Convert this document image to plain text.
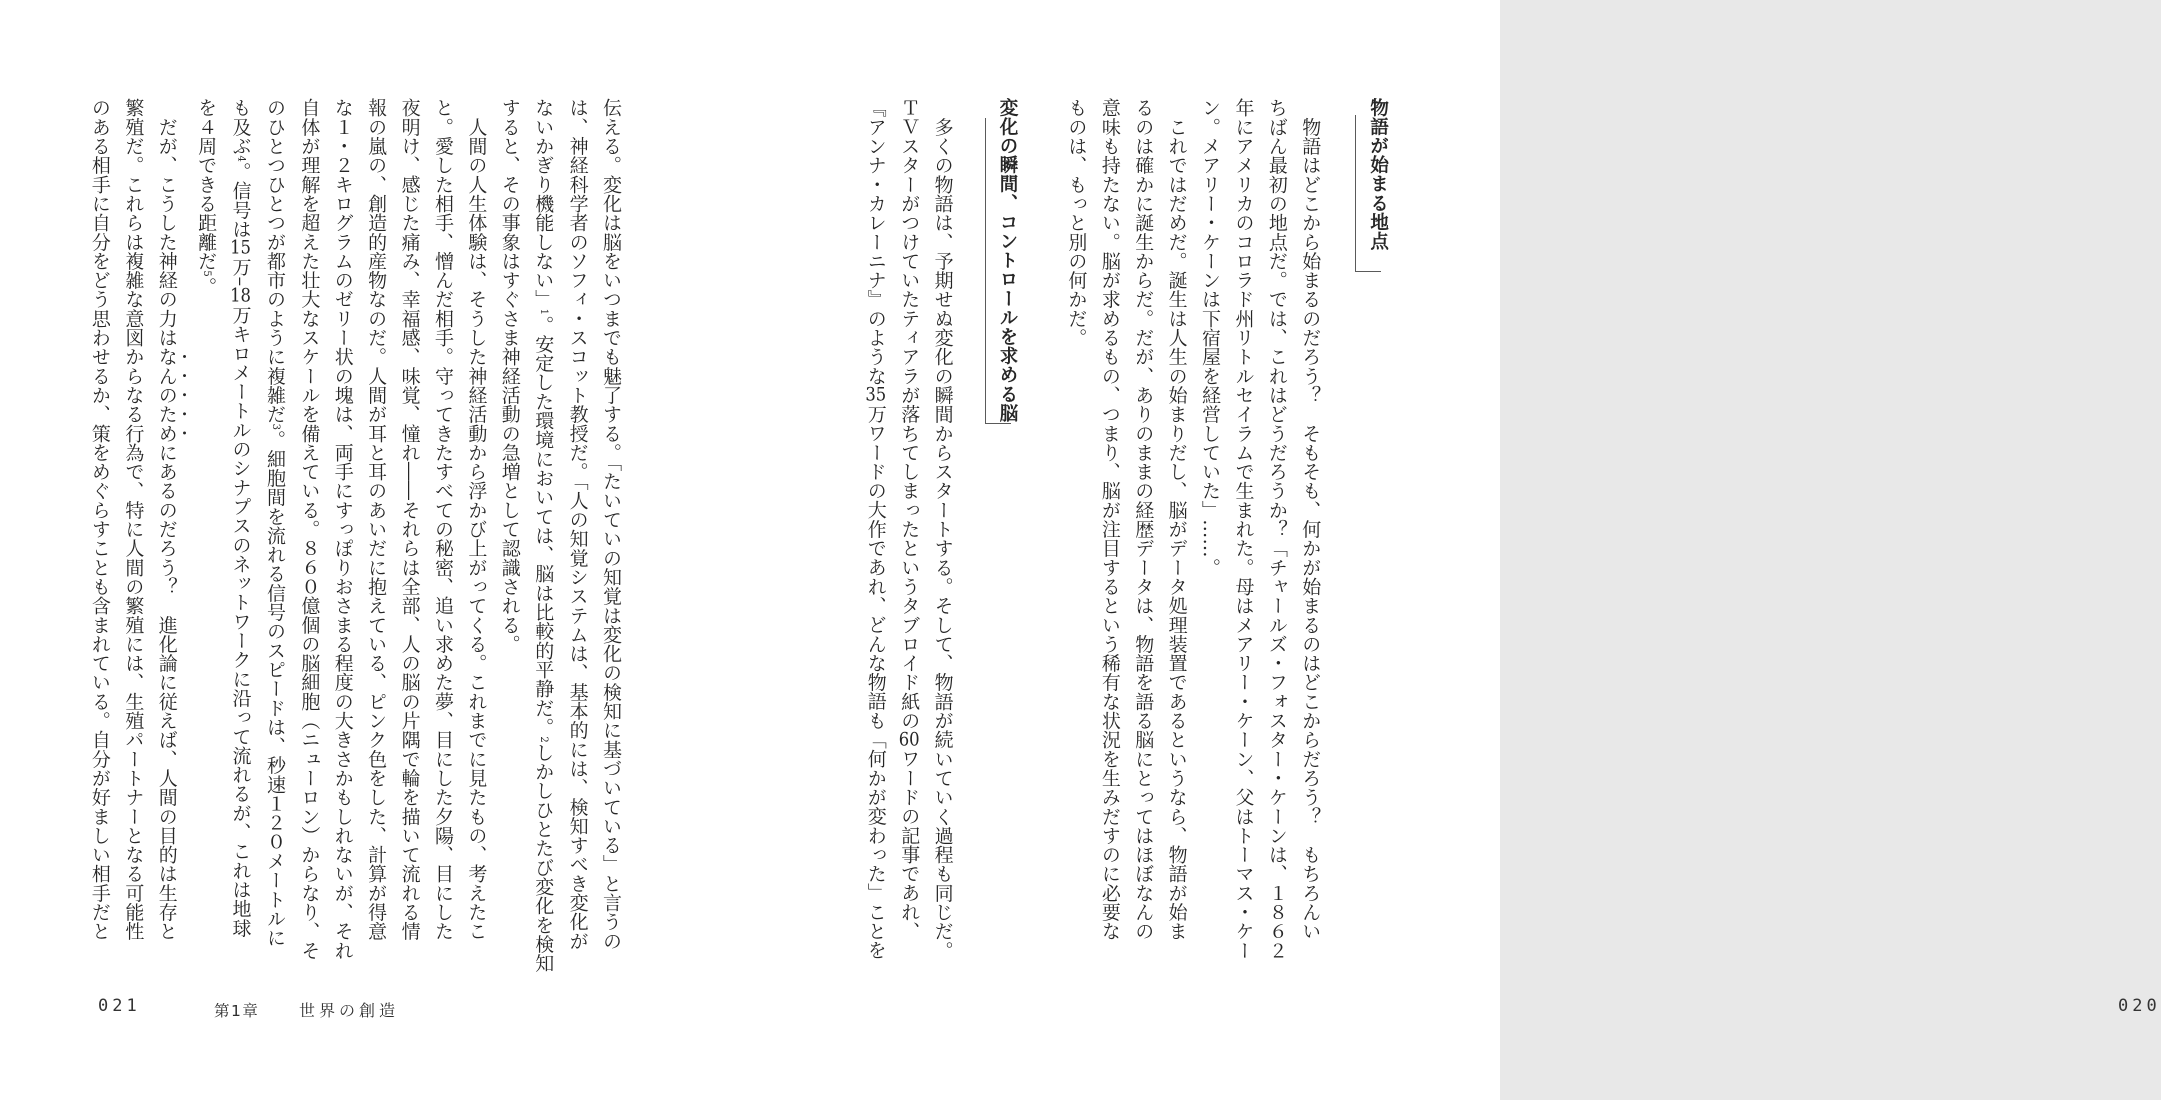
物語が始まる地点
　物語はどこから始まるのだろう？　そもそも、何かが始まるのはどこからだろう？　もちろんい
ちばん最初の地点だ。では、これはどうだろうか？「チャールズ・フォスター・ケーンは、１８６２
年にアメリカのコロラド州リトルセイラムで生まれた。母はメアリー・ケーン、父はトーマス・ケー
ン。メアリー・ケーンは下宿屋を経営していた」……。
　これではだめだ。誕生は人生の始まりだし、脳がデータ処理装置であるというなら、物語が始ま
るのは確かに誕生からだ。だが、ありのままの経歴データは、物語を語る脳にとってはほぼなんの
意味も持たない。脳が求めるもの、つまり、脳が注目するという稀有な状況を生みだすのに必要な
ものは、もっと別の何かだ。
変化の瞬間、コントロールを求める脳
　多くの物語は、予期せぬ変化の瞬間からスタートする。そして、物語が続いていく過程も同じだ。
ＴＶスターがつけていたティアラが落ちてしまったというタブロイド紙の60ワードの記事であれ、
『アンナ・カレーニナ』のような35万ワードの大作であれ、どんな物語も「何かが変わった」ことを
020
伝える。変化は脳をいつまでも魅了する。「たいていの知覚は変化の検知に基づいている」と言うの
は、神経科学者のソフィ・スコット教授だ。「人の知覚システムは、基本的には、検知すべき変化が
ないかぎり機能しない」1。安定した環境においては、脳は比較的平静だ。2しかしひとたび変化を検知
すると、その事象はすぐさま神経活動の急増として認識される。
　人間の人生体験は、そうした神経活動から浮かび上がってくる。これまでに見たもの、考えたこ
と。愛した相手、憎んだ相手。守ってきたすべての秘密、追い求めた夢、目にした夕陽、目にした
夜明け、感じた痛み、幸福感、味覚、憧れ――それらは全部、人の脳の片隅で輪を描いて流れる情
報の嵐の、創造的産物なのだ。人間が耳と耳のあいだに抱えている、ピンク色をした、計算が得意
な１・２キログラムのゼリー状の塊は、両手にすっぽりおさまる程度の大きさかもしれないが、それ
自体が理解を超えた壮大なスケールを備えている。８６０億個の脳細胞（ニューロン）からなり、そ
のひとつひとつが都市のように複雑だ3。細胞間を流れる信号のスピードは、秒速１２０メートルに
も及ぶ4。信号は15万–18万キロメートルのシナプスのネットワークに沿って流れるが、これは地球
を４周できる距離だ5。
　だが、こうした神経の力はなんのためにあるのだろう？　進化論に従えば、人間の目的は生存と
繁殖だ。これらは複雑な意図からなる行為で、特に人間の繁殖には、生殖パートナーとなる可能性
のある相手に自分をどう思わせるか、策をめぐらすことも含まれている。自分が好ましい相手だと
021	第1章 世界の創造
